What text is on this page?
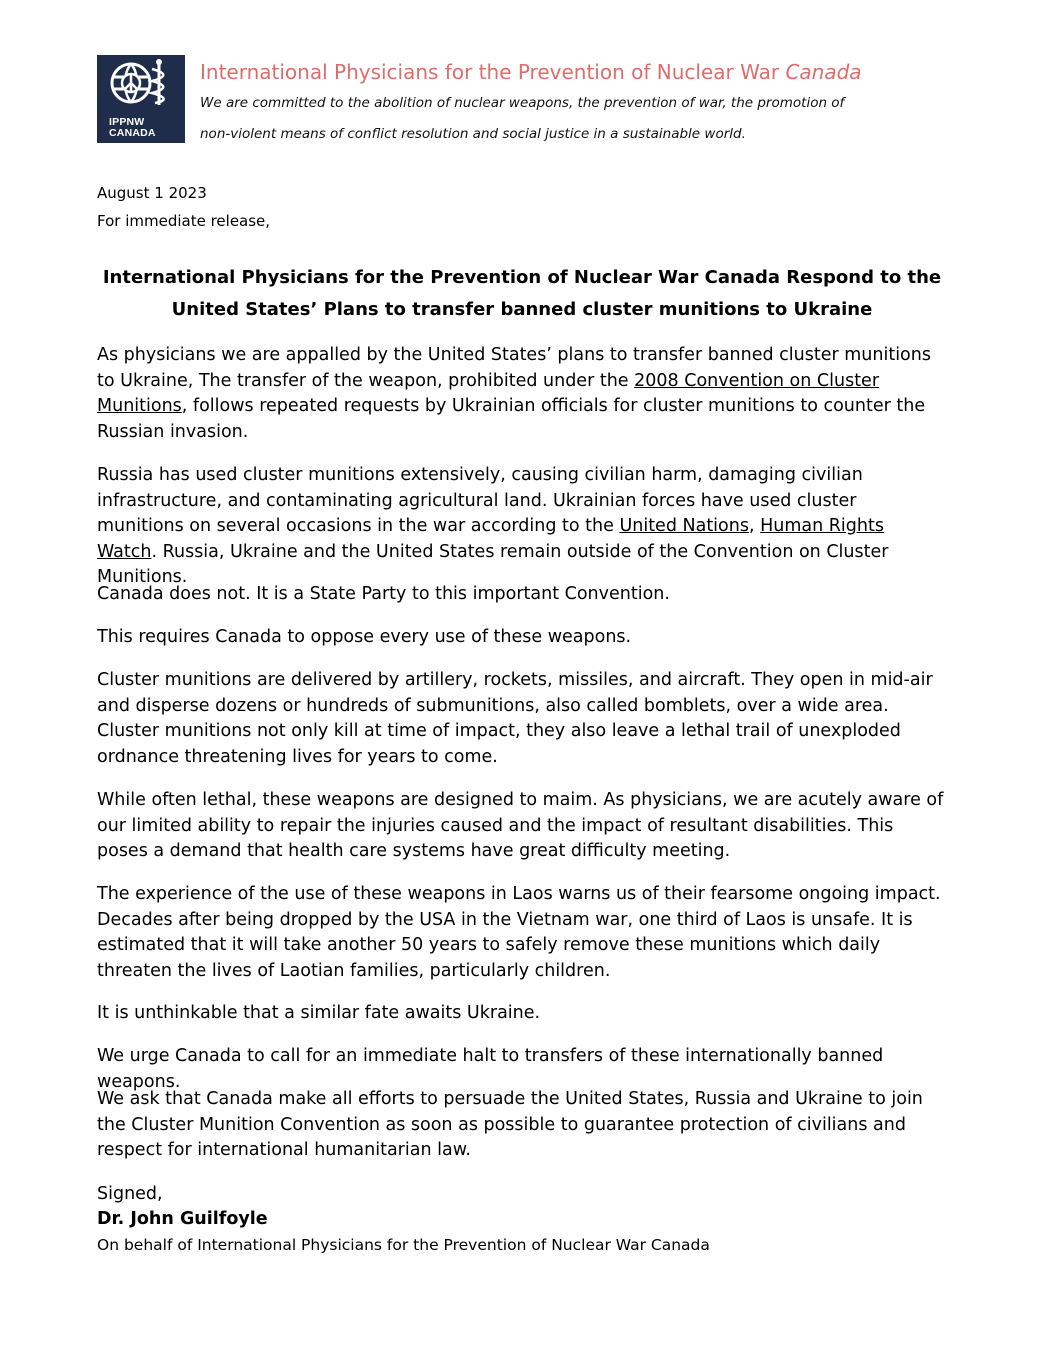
IPPNW CANADA
International Physicians for the Prevention of Nuclear War Canada
We are committed to the abolition of nuclear weapons, the prevention of war, the promotion of
non-violent means of conflict resolution and social justice in a sustainable world.
August 1 2023
For immediate release,
International Physicians for the Prevention of Nuclear War Canada Respond to the United States’ Plans to transfer banned cluster munitions to Ukraine

As physicians we are appalled by the United States’ plans to transfer banned cluster munitions to Ukraine, The transfer of the weapon, prohibited under the 2008 Convention on Cluster Munitions, follows repeated requests by Ukrainian officials for cluster munitions to counter the Russian invasion.

Russia has used cluster munitions extensively, causing civilian harm, damaging civilian infrastructure, and contaminating agricultural land. Ukrainian forces have used cluster munitions on several occasions in the war according to the United Nations, Human Rights Watch. Russia, Ukraine and the United States remain outside of the Convention on Cluster Munitions.

Canada does not. It is a State Party to this important Convention.

This requires Canada to oppose every use of these weapons.

Cluster munitions are delivered by artillery, rockets, missiles, and aircraft. They open in mid-air and disperse dozens or hundreds of submunitions, also called bomblets, over a wide area. Cluster munitions not only kill at time of impact, they also leave a lethal trail of unexploded ordnance threatening lives for years to come.

While often lethal, these weapons are designed to maim. As physicians, we are acutely aware of our limited ability to repair the injuries caused and the impact of resultant disabilities. This poses a demand that health care systems have great difficulty meeting.

The experience of the use of these weapons in Laos warns us of their fearsome ongoing impact. Decades after being dropped by the USA in the Vietnam war, one third of Laos is unsafe. It is estimated that it will take another 50 years to safely remove these munitions which daily threaten the lives of Laotian families, particularly children.

It is unthinkable that a similar fate awaits Ukraine.

We urge Canada to call for an immediate halt to transfers of these internationally banned weapons.

We ask that Canada make all efforts to persuade the United States, Russia and Ukraine to join the Cluster Munition Convention as soon as possible to guarantee protection of civilians and respect for international humanitarian law.

Signed,
Dr. John Guilfoyle
On behalf of International Physicians for the Prevention of Nuclear War Canada
